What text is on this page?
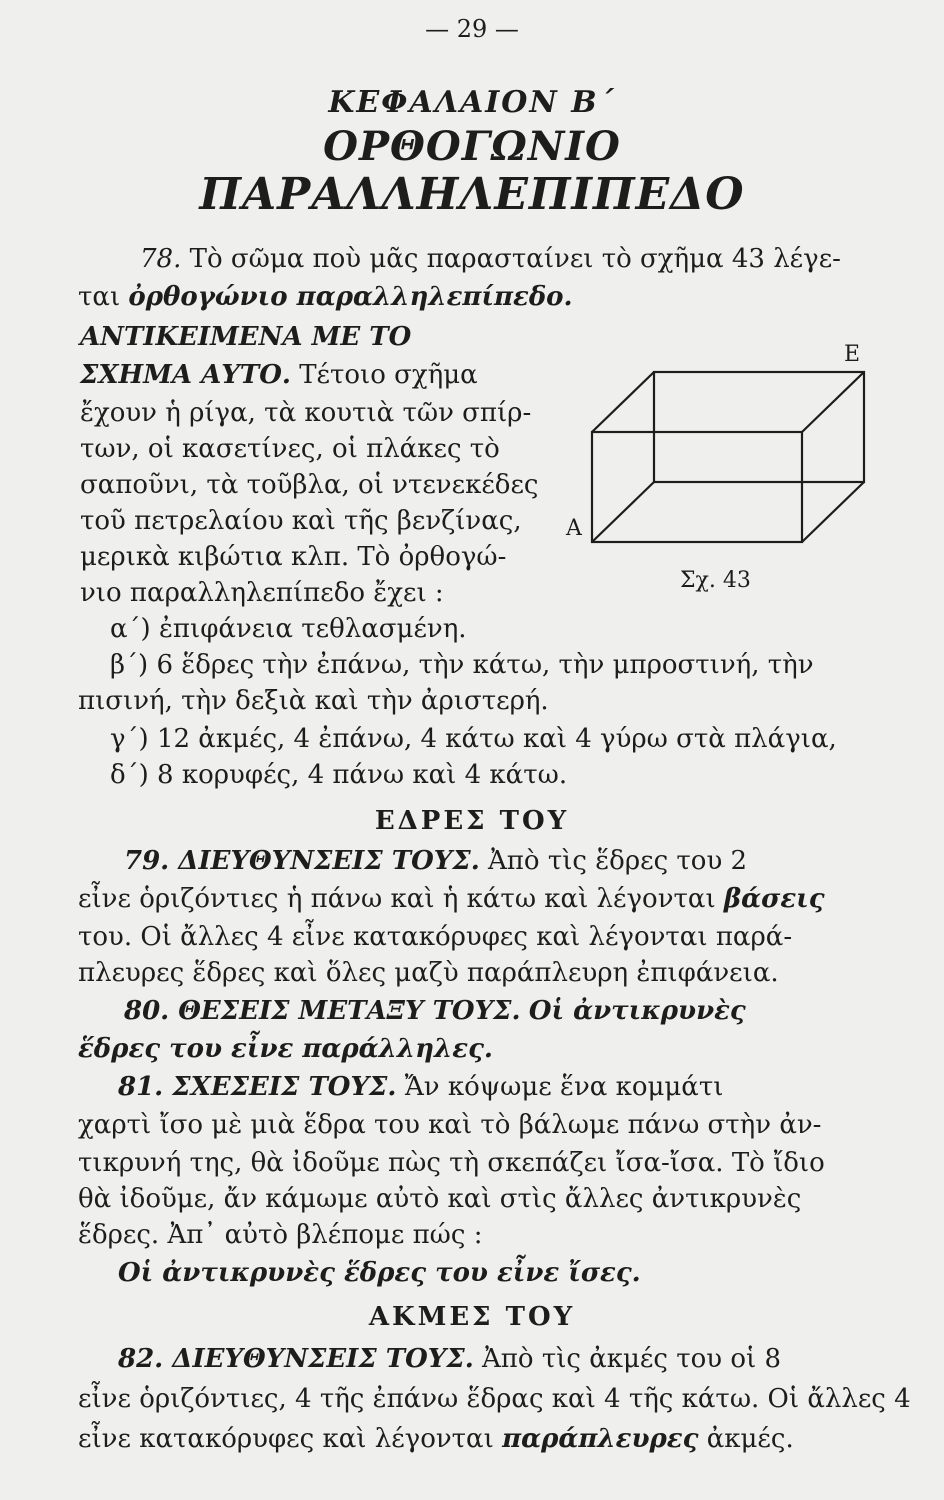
— 29 —
ΚΕΦΑΛΑΙΟΝ Β΄
ΟΡΘΟΓΩΝΙΟ
ΠΑΡΑΛΛΗΛΕΠΙΠΕΔΟ
78. Τὸ σῶμα ποὺ μᾶς παρασταίνει τὸ σχῆμα 43 λέγε-
ται ὀρθογώνιο παραλληλεπίπεδο.
ΑΝΤΙΚΕΙΜΕΝΑ ΜΕ ΤΟ
ΣΧΗΜΑ ΑΥΤΟ. Τέτοιο σχῆμα
ἔχουν ἡ ρίγα, τὰ κουτιὰ τῶν σπίρ-
των, οἱ κασετίνες, οἱ πλάκες τὸ
σαποῦνι, τὰ τοῦβλα, οἱ ντενεκέδες
τοῦ πετρελαίου καὶ τῆς βενζίνας,
μερικὰ κιβώτια κλπ. Τὸ ὀρθογώ-
νιο παραλληλεπίπεδο ἔχει :
Ε
Α
Σχ. 43
α΄) ἐπιφάνεια τεθλασμένη.
β΄) 6 ἕδρες τὴν ἐπάνω, τὴν κάτω, τὴν μπροστινή, τὴν
πισινή, τὴν δεξιὰ καὶ τὴν ἀριστερή.
γ΄) 12 ἀκμές, 4 ἐπάνω, 4 κάτω καὶ 4 γύρω στὰ πλάγια,
δ΄) 8 κορυφές, 4 πάνω καὶ 4 κάτω.
ΕΔΡΕΣ ΤΟΥ
79. ΔΙΕΥΘΥΝΣΕΙΣ ΤΟΥΣ. Ἀπὸ τὶς ἕδρες του 2
εἶνε ὁριζόντιες ἡ πάνω καὶ ἡ κάτω καὶ λέγονται βάσεις
του. Οἱ ἄλλες 4 εἶνε κατακόρυφες καὶ λέγονται παρά-
πλευρες ἕδρες καὶ ὅλες μαζὺ παράπλευρη ἐπιφάνεια.
80. ΘΕΣΕΙΣ ΜΕΤΑΞΥ ΤΟΥΣ. Οἱ ἀντικρυνὲς
ἕδρες του εἶνε παράλληλες.
81. ΣΧΕΣΕΙΣ ΤΟΥΣ. Ἄν κόψωμε ἕνα κομμάτι
χαρτὶ ἴσο μὲ μιὰ ἕδρα του καὶ τὸ βάλωμε πάνω στὴν ἀν-
τικρυνή της, θὰ ἰδοῦμε πὼς τὴ σκεπάζει ἴσα-ἴσα. Τὸ ἴδιο
θὰ ἰδοῦμε, ἄν κάμωμε αὐτὸ καὶ στὶς ἄλλες ἀντικρυνὲς
ἕδρες. Ἀπ᾽ αὐτὸ βλέπομε πώς :
Οἱ ἀντικρυνὲς ἕδρες του εἶνε ἴσες.
ΑΚΜΕΣ ΤΟΥ
82. ΔΙΕΥΘΥΝΣΕΙΣ ΤΟΥΣ. Ἀπὸ τὶς ἀκμές του οἱ 8
εἶνε ὁριζόντιες, 4 τῆς ἐπάνω ἕδρας καὶ 4 τῆς κάτω. Οἱ ἄλλες 4
εἶνε κατακόρυφες καὶ λέγονται παράπλευρες ἀκμές.
